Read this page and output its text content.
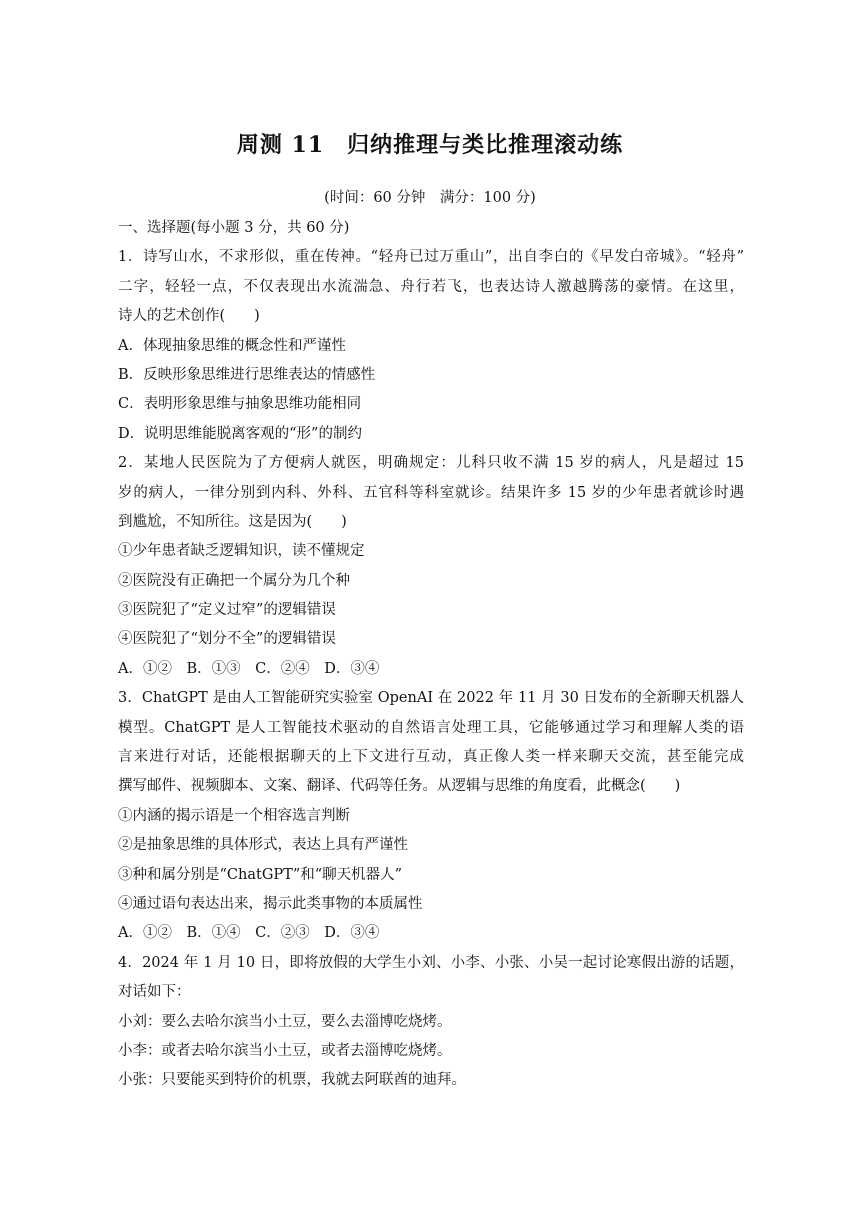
周测 11　归纳推理与类比推理滚动练
(时间：60 分钟　满分：100 分)
一、选择题(每小题 3 分，共 60 分)
1．诗写山水，不求形似，重在传神。“轻舟已过万重山”，出自李白的《早发白帝城》。“轻舟”
二字，轻轻一点，不仅表现出水流湍急、舟行若飞，也表达诗人激越腾荡的豪情。在这里，
诗人的艺术创作(　　)
A．体现抽象思维的概念性和严谨性
B．反映形象思维进行思维表达的情感性
C．表明形象思维与抽象思维功能相同
D．说明思维能脱离客观的“形”的制约
2．某地人民医院为了方便病人就医，明确规定：儿科只收不满 15 岁的病人，凡是超过 15
岁的病人，一律分别到内科、外科、五官科等科室就诊。结果许多 15 岁的少年患者就诊时遇
到尴尬，不知所往。这是因为(　　)
①少年患者缺乏逻辑知识，读不懂规定
②医院没有正确把一个属分为几个种
③医院犯了“定义过窄”的逻辑错误
④医院犯了“划分不全”的逻辑错误
A．①②　B．①③　C．②④　D．③④
3．ChatGPT 是由人工智能研究实验室 OpenAI 在 2022 年 11 月 30 日发布的全新聊天机器人
模型。ChatGPT 是人工智能技术驱动的自然语言处理工具，它能够通过学习和理解人类的语
言来进行对话，还能根据聊天的上下文进行互动，真正像人类一样来聊天交流，甚至能完成
撰写邮件、视频脚本、文案、翻译、代码等任务。从逻辑与思维的角度看，此概念(　　)
①内涵的揭示语是一个相容选言判断
②是抽象思维的具体形式，表达上具有严谨性
③种和属分别是“ChatGPT”和“聊天机器人”
④通过语句表达出来，揭示此类事物的本质属性
A．①②　B．①④　C．②③　D．③④
4．2024 年 1 月 10 日，即将放假的大学生小刘、小李、小张、小吴一起讨论寒假出游的话题，
对话如下：
小刘：要么去哈尔滨当小土豆，要么去淄博吃烧烤。
小李：或者去哈尔滨当小土豆，或者去淄博吃烧烤。
小张：只要能买到特价的机票，我就去阿联酋的迪拜。
